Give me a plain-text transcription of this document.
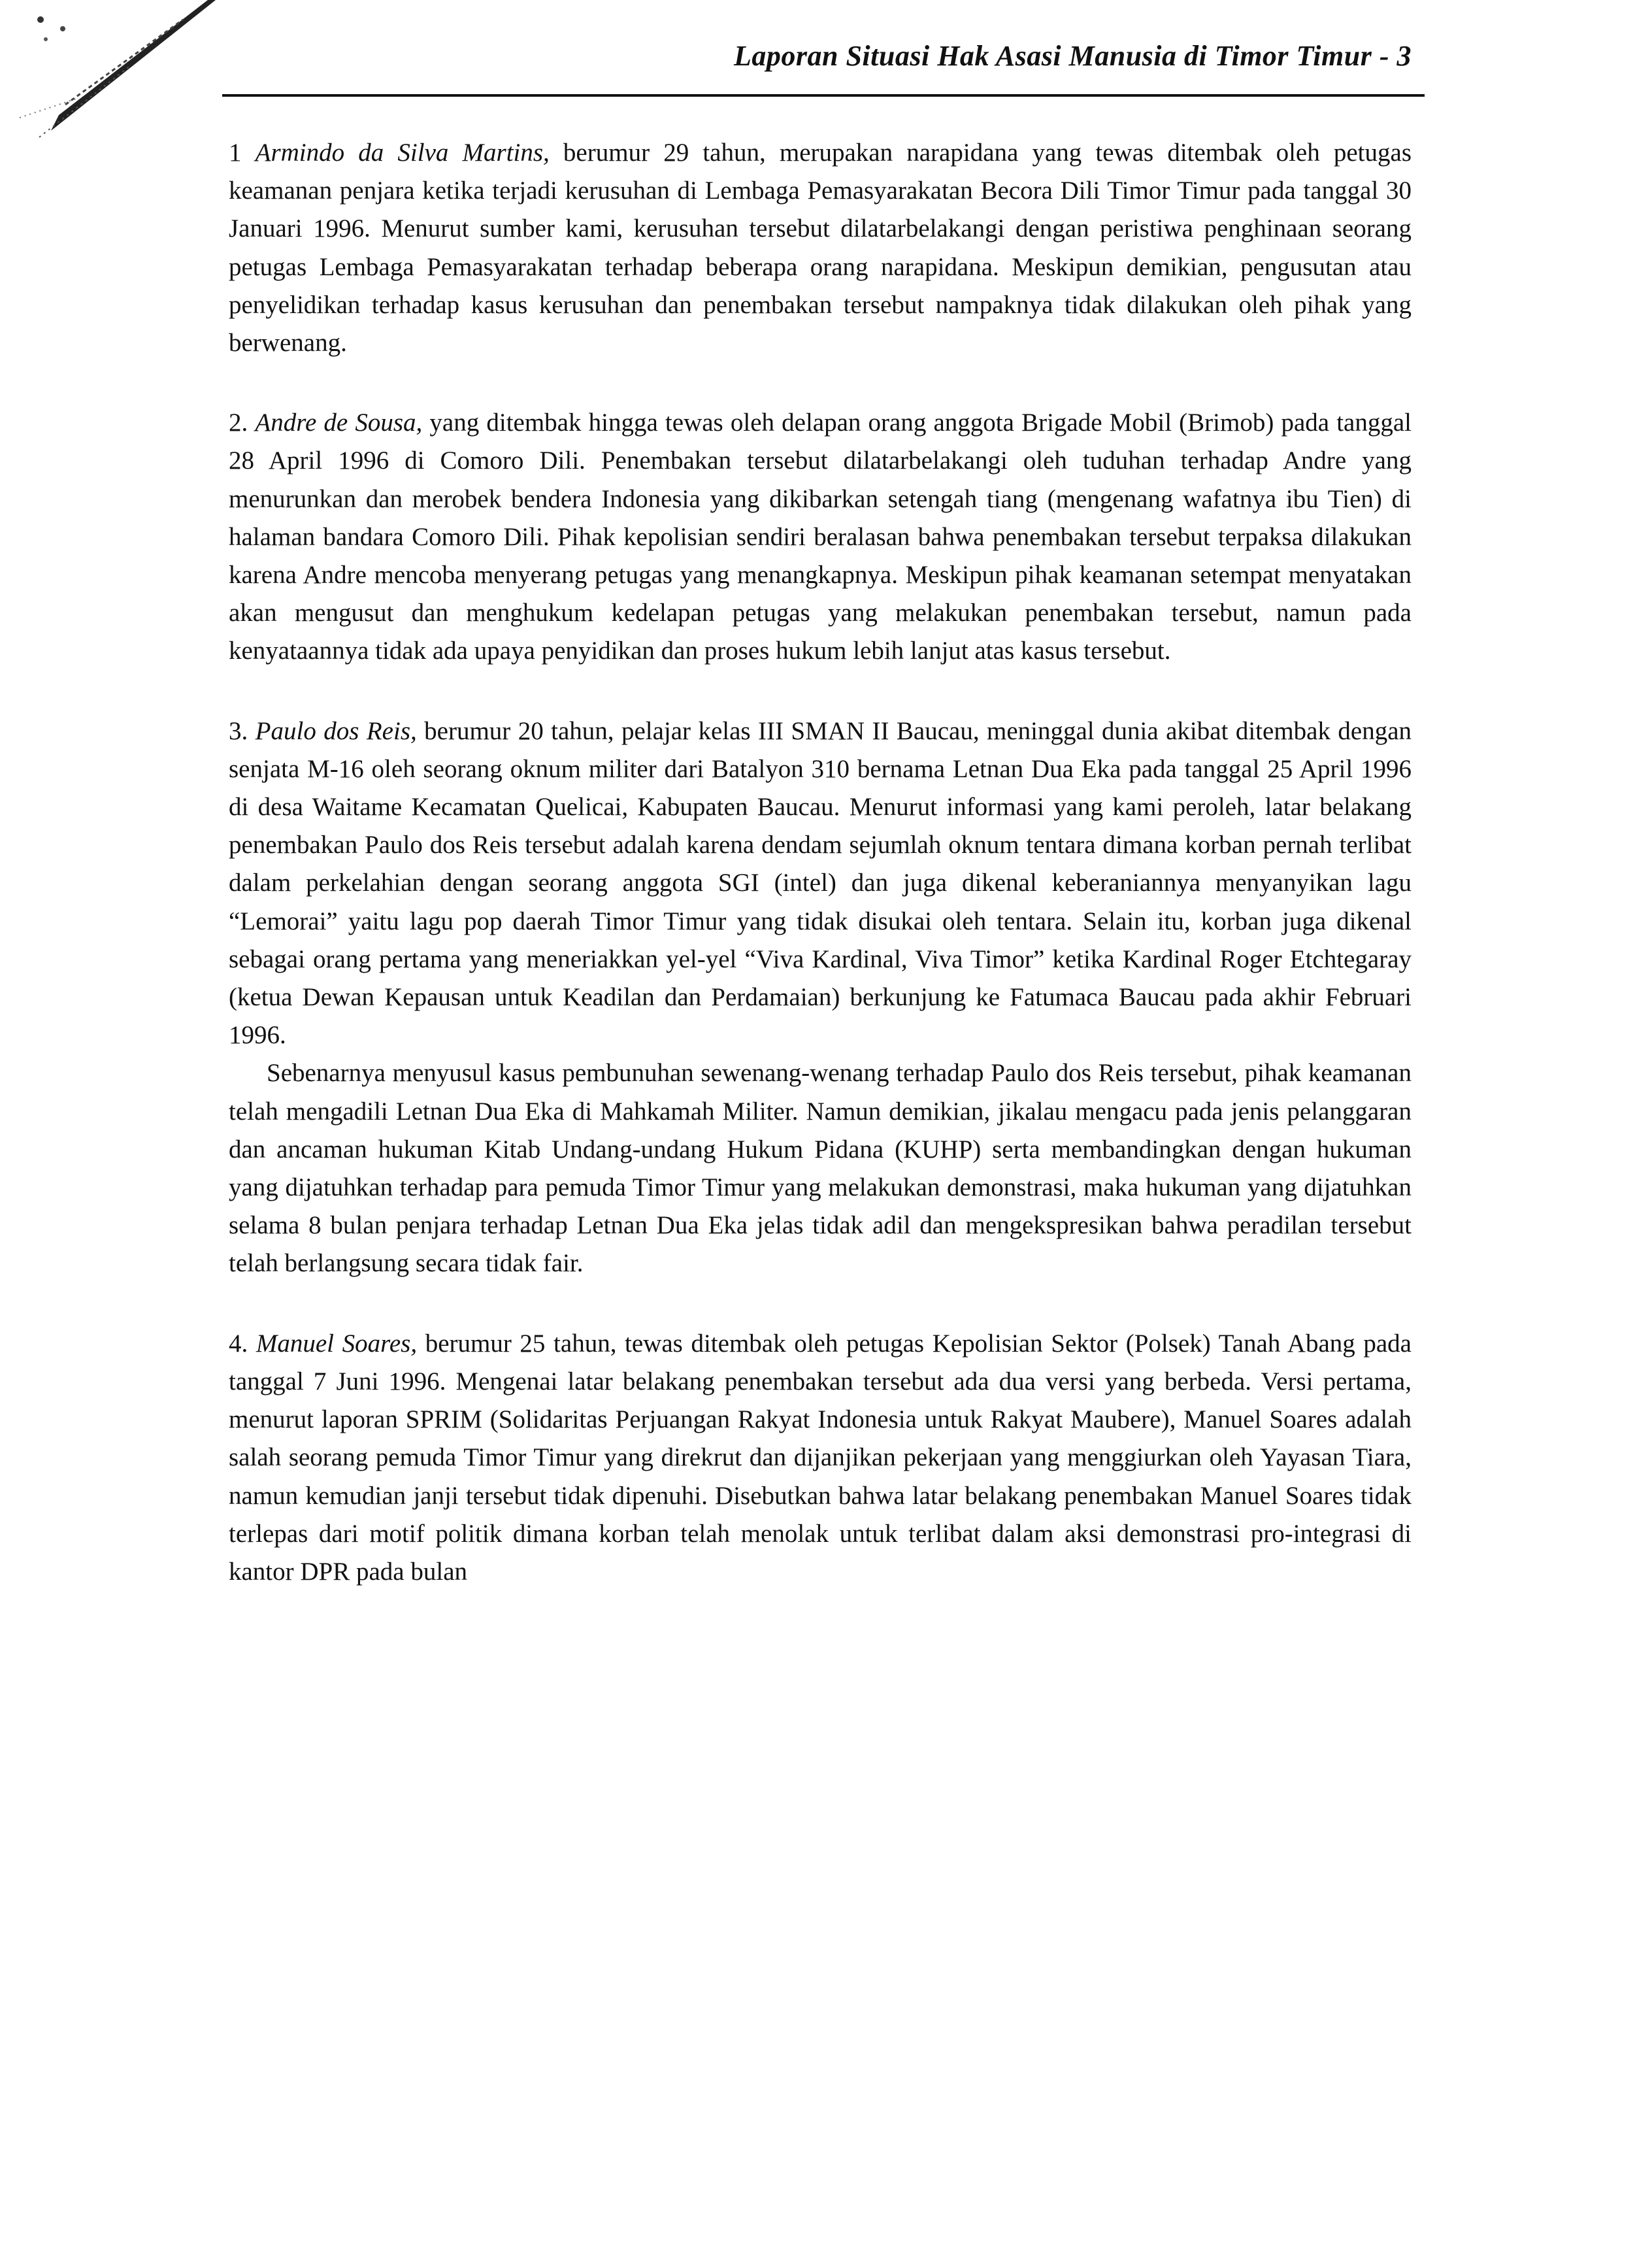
Laporan Situasi Hak Asasi Manusia di Timor Timur - 3

1 Armindo da Silva Martins, berumur 29 tahun, merupakan narapidana yang tewas ditembak oleh petugas keamanan penjara ketika terjadi kerusuhan di Lembaga Pemasyarakatan Becora Dili Timor Timur pada tanggal 30 Januari 1996. Menurut sumber kami, kerusuhan tersebut dilatarbelakangi dengan peristiwa penghinaan seorang petugas Lembaga Pemasyarakatan terhadap beberapa orang narapidana. Meskipun demikian, pengusutan atau penyelidikan terhadap kasus kerusuhan dan penembakan tersebut nampaknya tidak dilakukan oleh pihak yang berwenang.

2. Andre de Sousa, yang ditembak hingga tewas oleh delapan orang anggota Brigade Mobil (Brimob) pada tanggal 28 April 1996 di Comoro Dili. Penembakan tersebut dilatarbelakangi oleh tuduhan terhadap Andre yang menurunkan dan merobek bendera Indonesia yang dikibarkan setengah tiang (mengenang wafatnya ibu Tien) di halaman bandara Comoro Dili. Pihak kepolisian sendiri beralasan bahwa penembakan tersebut terpaksa dilakukan karena Andre mencoba menyerang petugas yang menangkapnya. Meskipun pihak keamanan setempat menyatakan akan mengusut dan menghukum kedelapan petugas yang melakukan penembakan tersebut, namun pada kenyataannya tidak ada upaya penyidikan dan proses hukum lebih lanjut atas kasus tersebut.

3. Paulo dos Reis, berumur 20 tahun, pelajar kelas III SMAN II Baucau, meninggal dunia akibat ditembak dengan senjata M-16 oleh seorang oknum militer dari Batalyon 310 bernama Letnan Dua Eka pada tanggal 25 April 1996 di desa Waitame Kecamatan Quelicai, Kabupaten Baucau. Menurut informasi yang kami peroleh, latar belakang penembakan Paulo dos Reis tersebut adalah karena dendam sejumlah oknum tentara dimana korban pernah terlibat dalam perkelahian dengan seorang anggota SGI (intel) dan juga dikenal keberaniannya menyanyikan lagu “Lemorai” yaitu lagu pop daerah Timor Timur yang tidak disukai oleh tentara. Selain itu, korban juga dikenal sebagai orang pertama yang meneriakkan yel-yel “Viva Kardinal, Viva Timor” ketika Kardinal Roger Etchtegaray (ketua Dewan Kepausan untuk Keadilan dan Perdamaian) berkunjung ke Fatumaca Baucau pada akhir Februari 1996.

Sebenarnya menyusul kasus pembunuhan sewenang-wenang terhadap Paulo dos Reis tersebut, pihak keamanan telah mengadili Letnan Dua Eka di Mahkamah Militer. Namun demikian, jikalau mengacu pada jenis pelanggaran dan ancaman hukuman Kitab Undang-undang Hukum Pidana (KUHP) serta membandingkan dengan hukuman yang dijatuhkan terhadap para pemuda Timor Timur yang melakukan demonstrasi, maka hukuman yang dijatuhkan selama 8 bulan penjara terhadap Letnan Dua Eka jelas tidak adil dan mengekspresikan bahwa peradilan tersebut telah berlangsung secara tidak fair.

4. Manuel Soares, berumur 25 tahun, tewas ditembak oleh petugas Kepolisian Sektor (Polsek) Tanah Abang pada tanggal 7 Juni 1996. Mengenai latar belakang penembakan tersebut ada dua versi yang berbeda. Versi pertama, menurut laporan SPRIM (Solidaritas Perjuangan Rakyat Indonesia untuk Rakyat Maubere), Manuel Soares adalah salah seorang pemuda Timor Timur yang direkrut dan dijanjikan pekerjaan yang menggiurkan oleh Yayasan Tiara, namun kemudian janji tersebut tidak dipenuhi. Disebutkan bahwa latar belakang penembakan Manuel Soares tidak terlepas dari motif politik dimana korban telah menolak untuk terlibat dalam aksi demonstrasi pro-integrasi di kantor DPR pada bulan
